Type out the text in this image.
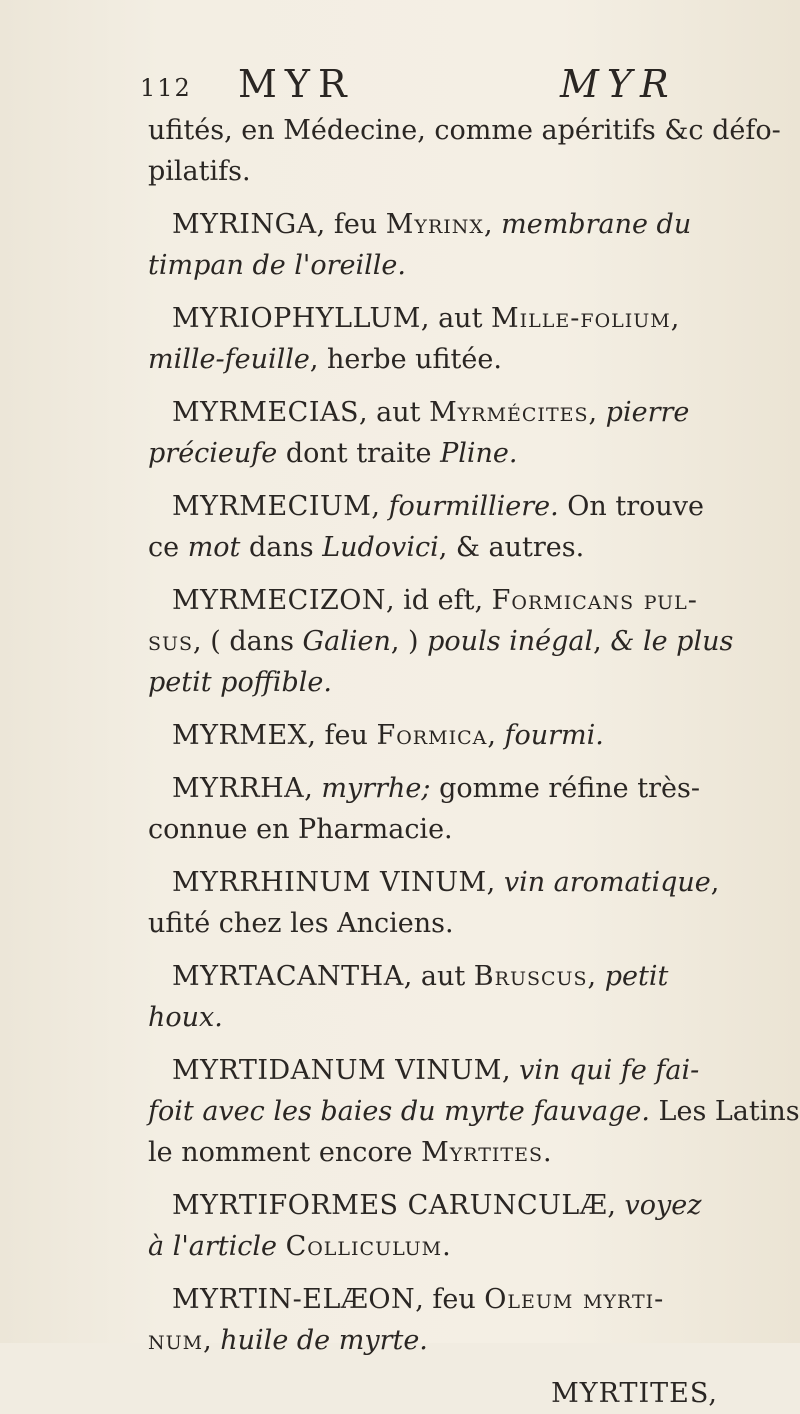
112 MYR	MYR
ufités, en Médecine, comme apéritifs &c défo-
pilatifs.
MYRINGA, feu Myrinx, membrane du
timpan de l'oreille.
MYRIOPHYLLUM, aut Mille-folium,
mille-feuille, herbe ufitée.
MYRMECIAS, aut Myrmécites, pierre
précieufe dont traite Pline.
MYRMECIUM, fourmilliere. On trouve
ce mot dans Ludovici, & autres.
MYRMECIZON, id eft, Formicans pul-
sus, ( dans Galien, ) pouls inégal, & le plus
petit poffible.
MYRMEX, feu Formica, fourmi.
MYRRHA, myrrhe; gomme réfine très-
connue en Pharmacie.
MYRRHINUM VINUM, vin aromatique,
ufité chez les Anciens.
MYRTACANTHA, aut Bruscus, petit
houx.
MYRTIDANUM VINUM, vin qui fe fai-
foit avec les baies du myrte fauvage. Les Latins
le nomment encore Myrtites.
MYRTIFORMES CARUNCULÆ, voyez
à l'article Colliculum.
MYRTIN-ELÆON, feu Oleum myrti-
num, huile de myrte.
MYRTITES,
